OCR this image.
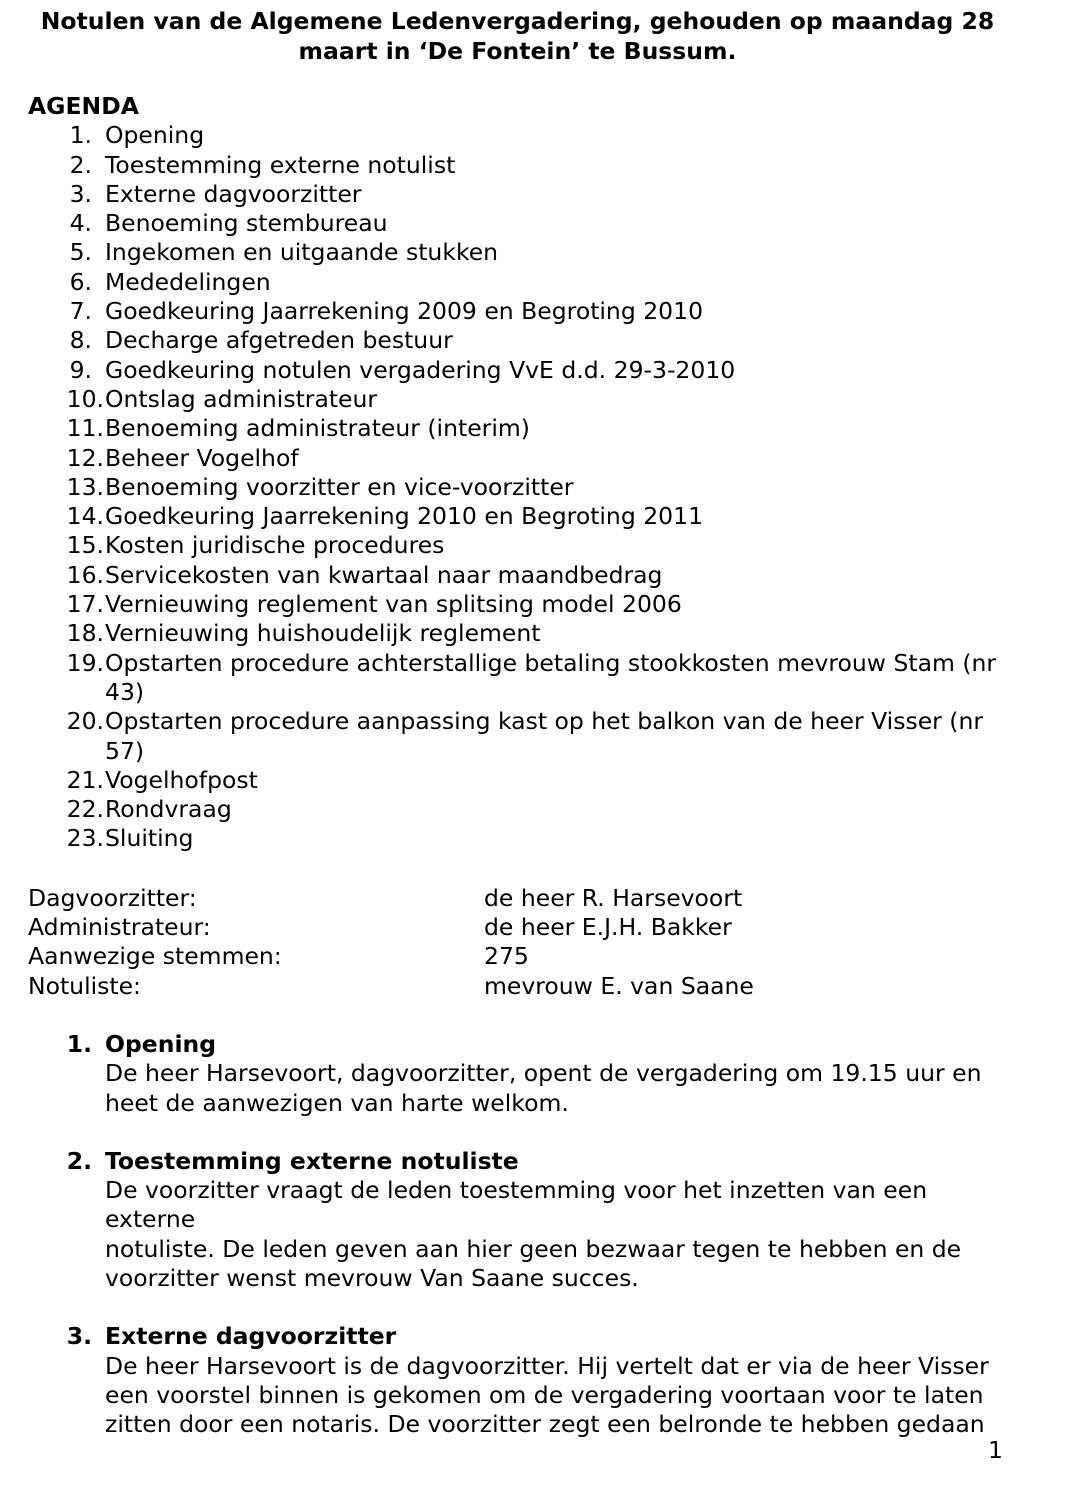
Notulen van de Algemene Ledenvergadering, gehouden op maandag 28
maart in ‘De Fontein’ te Bussum.
AGENDA
1. Opening
2. Toestemming externe notulist
3. Externe dagvoorzitter
4. Benoeming stembureau
5. Ingekomen en uitgaande stukken
6. Mededelingen
7. Goedkeuring Jaarrekening 2009 en Begroting 2010
8. Decharge afgetreden bestuur
9. Goedkeuring notulen vergadering VvE d.d. 29-3-2010
10. Ontslag administrateur
11. Benoeming administrateur (interim)
12. Beheer Vogelhof
13. Benoeming voorzitter en vice-voorzitter
14. Goedkeuring Jaarrekening 2010 en Begroting 2011
15. Kosten juridische procedures
16. Servicekosten van kwartaal naar maandbedrag
17. Vernieuwing reglement van splitsing model 2006
18. Vernieuwing huishoudelijk reglement
19. Opstarten procedure achterstallige betaling stookkosten mevrouw Stam (nr 43)
20. Opstarten procedure aanpassing kast op het balkon van de heer Visser (nr 57)
21. Vogelhofpost
22. Rondvraag
23. Sluiting
Dagvoorzitter:	de heer R. Harsevoort
Administrateur:	de heer E.J.H. Bakker
Aanwezige stemmen:	275
Notuliste:	mevrouw E. van Saane
1. Opening
De heer Harsevoort, dagvoorzitter, opent de vergadering om 19.15 uur en
heet de aanwezigen van harte welkom.
2. Toestemming externe notuliste
De voorzitter vraagt de leden toestemming voor het inzetten van een externe
notuliste. De leden geven aan hier geen bezwaar tegen te hebben en de
voorzitter wenst mevrouw Van Saane succes.
3. Externe dagvoorzitter
De heer Harsevoort is de dagvoorzitter. Hij vertelt dat er via de heer Visser
een voorstel binnen is gekomen om de vergadering voortaan voor te laten
zitten door een notaris. De voorzitter zegt een belronde te hebben gedaan
1
